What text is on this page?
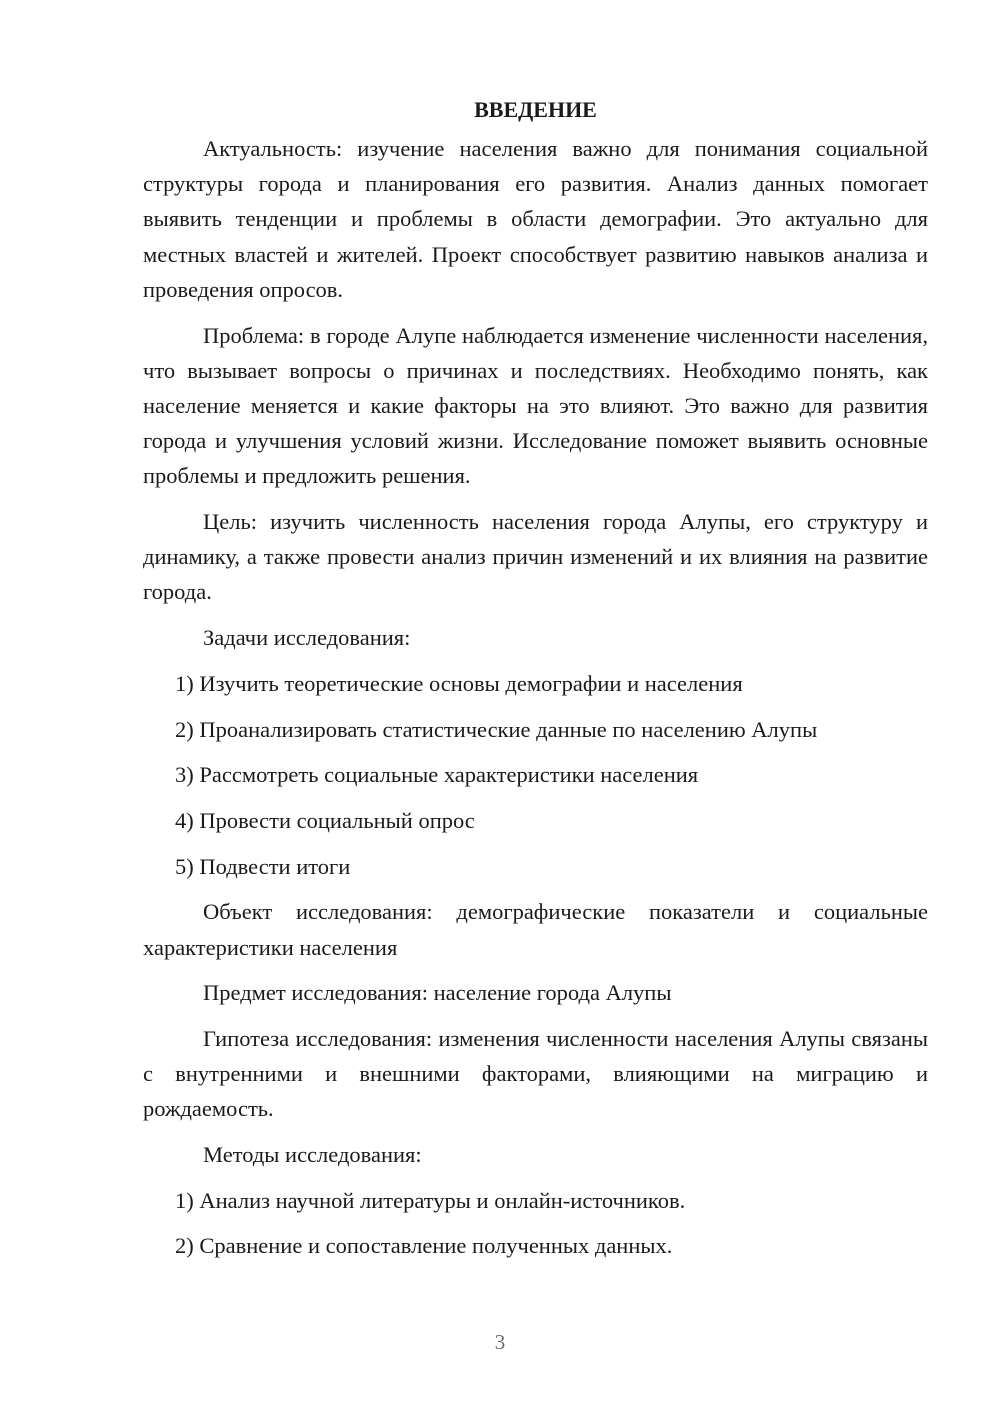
ВВЕДЕНИЕ

Актуальность: изучение населения важно для понимания социальной структуры города и планирования его развития. Анализ данных помогает выявить тенденции и проблемы в области демографии. Это актуально для местных властей и жителей. Проект способствует развитию навыков анализа и проведения опросов.

Проблема: в городе Алупе наблюдается изменение численности населения, что вызывает вопросы о причинах и последствиях. Необходимо понять, как население меняется и какие факторы на это влияют. Это важно для развития города и улучшения условий жизни. Исследование поможет выявить основные проблемы и предложить решения.

Цель: изучить численность населения города Алупы, его структуру и динамику, а также провести анализ причин изменений и их влияния на развитие города.

Задачи исследования:

1) Изучить теоретические основы демографии и населения

2) Проанализировать статистические данные по населению Алупы

3) Рассмотреть социальные характеристики населения

4) Провести социальный опрос

5) Подвести итоги

Объект исследования: демографические показатели и социальные характеристики населения

Предмет исследования: население города Алупы

Гипотеза исследования: изменения численности населения Алупы связаны с внутренними и внешними факторами, влияющими на миграцию и рождаемость.

Методы исследования:

1) Анализ научной литературы и онлайн-источников.

2) Сравнение и сопоставление полученных данных.

3
